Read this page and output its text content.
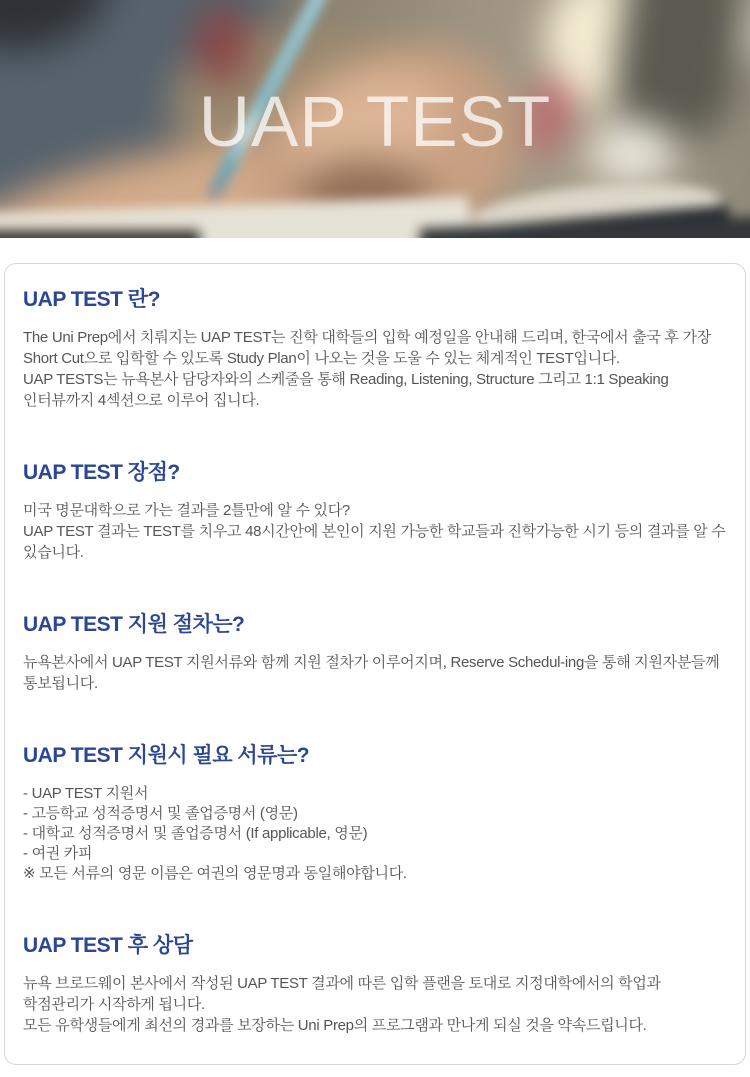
UAP TEST
UAP TEST 란?

The Uni Prep에서 치뤄지는 UAP TEST는 진학 대학들의 입학 예정일을 안내해 드리며, 한국에서 출국 후 가장 Short Cut으로 입학할 수 있도록 Study Plan이 나오는 것을 도울 수 있는 체계적인 TEST입니다.

UAP TESTS는 뉴욕본사 담당자와의 스케줄을 통해 Reading, Listening, Structure 그리고 1:1 Speaking 인터뷰까지 4섹션으로 이루어 집니다.

UAP TEST 장점?

미국 명문대학으로 가는 결과를 2틀만에 알 수 있다?

UAP TEST 결과는 TEST를 치우고 48시간안에 본인이 지원 가능한 학교들과 진학가능한 시기 등의 결과를 알 수 있습니다.

UAP TEST 지원 절차는?

뉴욕본사에서 UAP TEST 지원서류와 함께 지원 절차가 이루어지며, Reserve Schedul-ing을 통해 지원자분들께 통보됩니다.

UAP TEST 지원시 필요 서류는?

- UAP TEST 지원서

- 고등학교 성적증명서 및 졸업증명서 (영문)

- 대학교 성적증명서 및 졸업증명서 (If applicable, 영문)

- 여권 카피

※ 모든 서류의 영문 이름은 여권의 영문명과 동일해야합니다.

UAP TEST 후 상담

뉴욕 브로드웨이 본사에서 작성된 UAP TEST 결과에 따른 입학 플랜을 토대로 지정대학에서의 학업과 학점관리가 시작하게 됩니다.

모든 유학생들에게 최선의 경과를 보장하는 Uni Prep의 프로그램과 만나게 되실 것을 약속드립니다.
